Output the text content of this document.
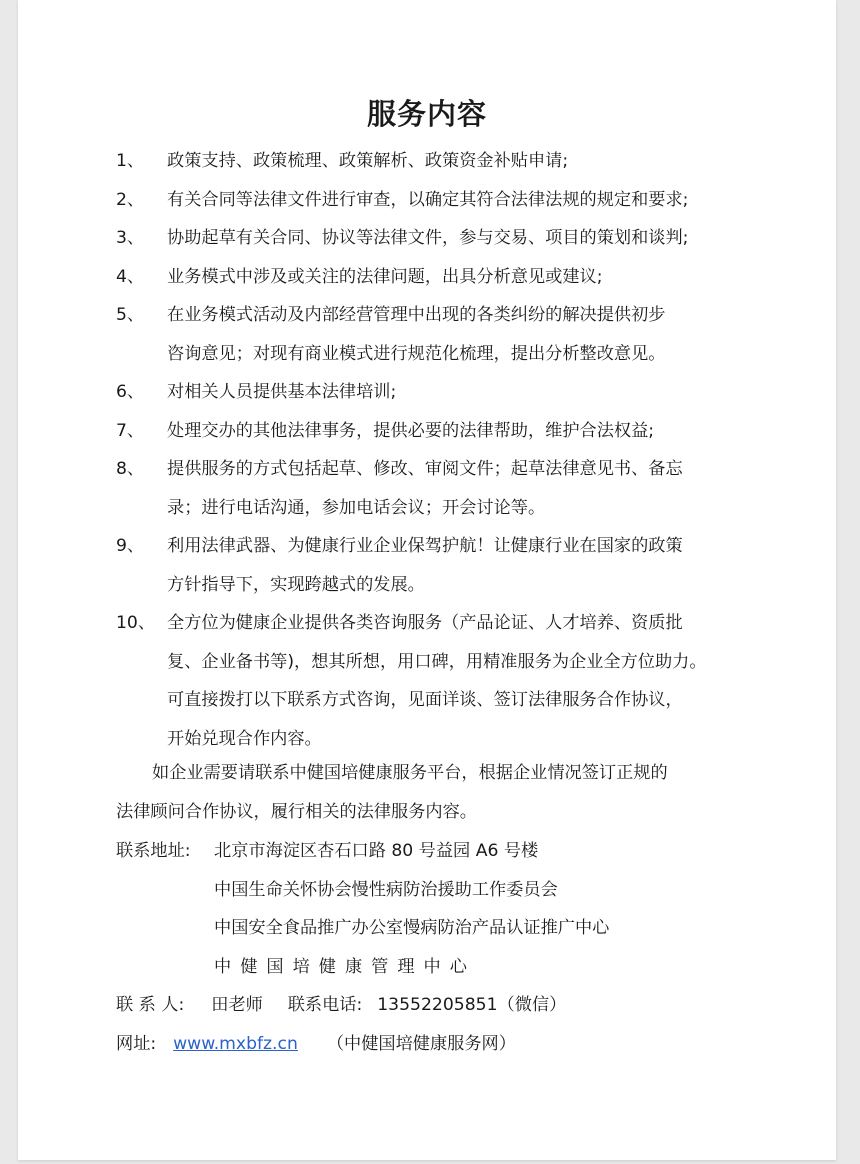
服务内容
1、 政策支持、政策梳理、政策解析、政策资金补贴申请;
2、 有关合同等法律文件进行审查，以确定其符合法律法规的规定和要求;
3、 协助起草有关合同、协议等法律文件，参与交易、项目的策划和谈判;
4、 业务模式中涉及或关注的法律问题，出具分析意见或建议;
5、 在业务模式活动及内部经营管理中出现的各类纠纷的解决提供初步
咨询意见；对现有商业模式进行规范化梳理，提出分析整改意见。
6、 对相关人员提供基本法律培训;
7、 处理交办的其他法律事务，提供必要的法律帮助，维护合法权益;
8、 提供服务的方式包括起草、修改、审阅文件；起草法律意见书、备忘
录；进行电话沟通，参加电话会议；开会讨论等。
9、 利用法律武器、为健康行业企业保驾护航！让健康行业在国家的政策
方针指导下，实现跨越式的发展。
10、 全方位为健康企业提供各类咨询服务（产品论证、人才培养、资质批
复、企业备书等)，想其所想，用口碑，用精准服务为企业全方位助力。
可直接拨打以下联系方式咨询，见面详谈、签订法律服务合作协议，
开始兑现合作内容。
如企业需要请联系中健国培健康服务平台，根据企业情况签订正规的
法律顾问合作协议，履行相关的法律服务内容。
联系地址: 北京市海淀区杏石口路 80 号益园 A6 号楼
中国生命关怀协会慢性病防治援助工作委员会
中国安全食品推广办公室慢病防治产品认证推广中心
中健国培健康管理中心
联 系 人: 田老师 联系电话: 13552205851（微信）
网址: www.mxbfz.cn （中健国培健康服务网）
